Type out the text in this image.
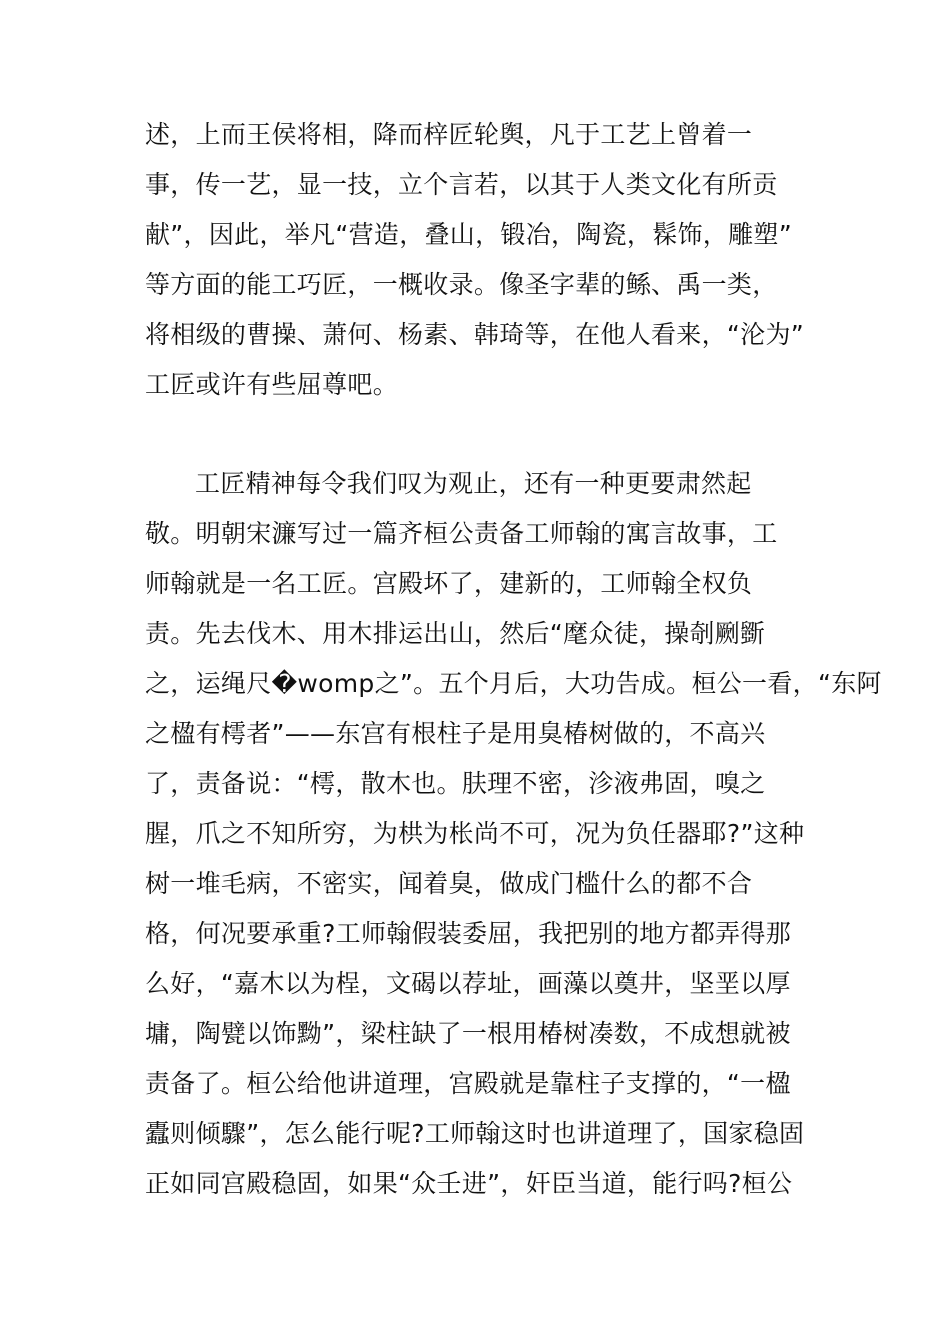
述，上而王侯将相，降而梓匠轮舆，凡于工艺上曾着一
事，传一艺，显一技，立个言若，以其于人类文化有所贡
献”，因此，举凡“营造，叠山，锻冶，陶瓷，髹饰，雕塑”
等方面的能工巧匠，一概收录。像圣字辈的鲧、禹一类，
将相级的曹操、萧何、杨素、韩琦等，在他人看来，“沦为”
工匠或许有些屈尊吧。
工匠精神每令我们叹为观止，还有一种更要肃然起
敬。明朝宋濂写过一篇齐桓公责备工师翰的寓言故事，工
师翰就是一名工匠。宫殿坏了，建新的，工师翰全权负
责。先去伐木、用木排运出山，然后“麾众徒，操剞劂斵
之，运绳尺�womp之”。五个月后，大功告成。桓公一看，“东阿
之楹有樗者”——东宫有根柱子是用臭椿树做的，不高兴
了，责备说：“樗，散木也。肤理不密，沴液弗固，嗅之
腥，爪之不知所穷，为栱为枨尚不可，况为负任器耶?”这种
树一堆毛病，不密实，闻着臭，做成门槛什么的都不合
格，何况要承重?工师翰假装委屈，我把别的地方都弄得那
么好，“嘉木以为桯，文碣以荐址，画藻以奠井，坚垩以厚
墉，陶甓以饰黝”，梁柱缺了一根用椿树凑数，不成想就被
责备了。桓公给他讲道理，宫殿就是靠柱子支撑的，“一楹
蠹则倾驟”，怎么能行呢?工师翰这时也讲道理了，国家稳固
正如同宫殿稳固，如果“众壬进”，奸臣当道，能行吗?桓公
